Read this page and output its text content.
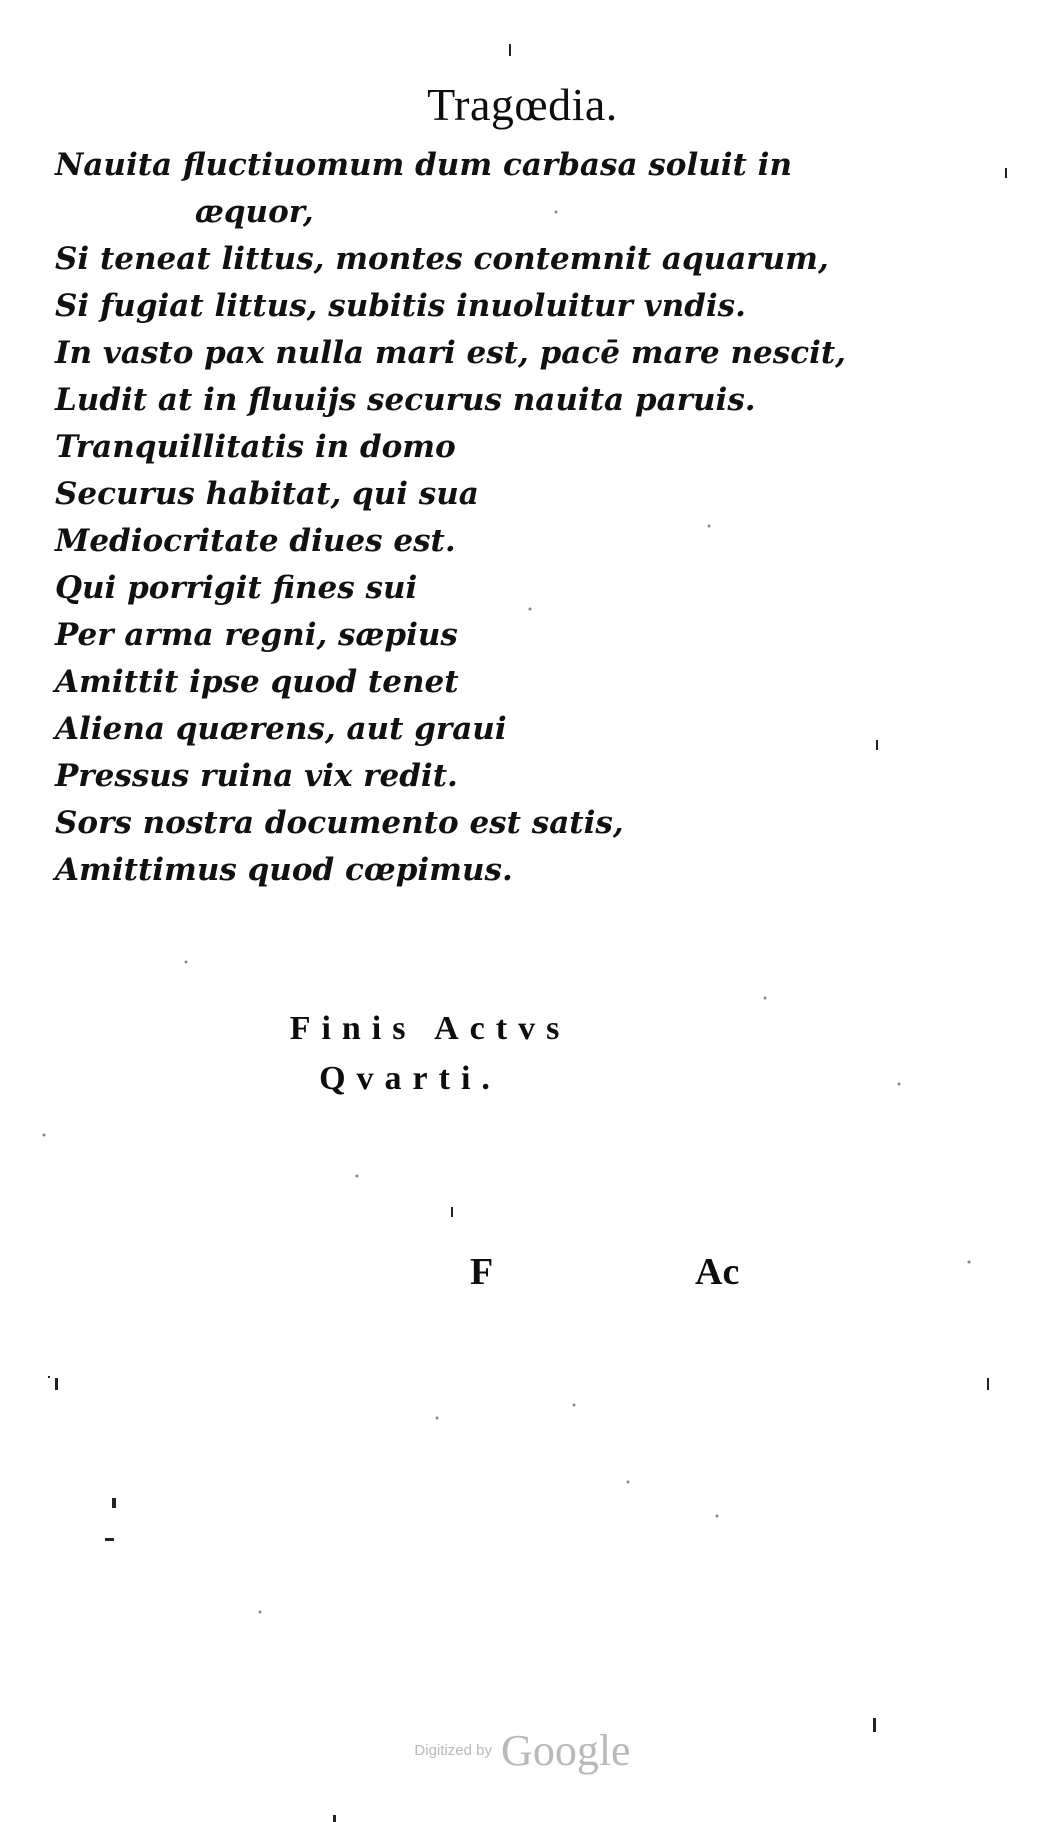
Tragœdia.
Nauita fluctiuomum dum carbasa soluit in
æquor,
Si teneat littus, montes contemnit aquarum,
Si fugiat littus, subitis inuoluitur vndis.
In vasto pax nulla mari est, pacē mare nescit,
Ludit at in fluuijs securus nauita paruis.
Tranquillitatis in domo
Securus habitat, qui sua
Mediocritate diues est.
Qui porrigit fines sui
Per arma regni, sæpius
Amittit ipse quod tenet
Aliena quærens, aut graui
Pressus ruina vix redit.
Sors nostra documento est satis,
Amittimus quod cœpimus.
Finis Actvs
Qvarti.
F	Ac
Digitized by Google
